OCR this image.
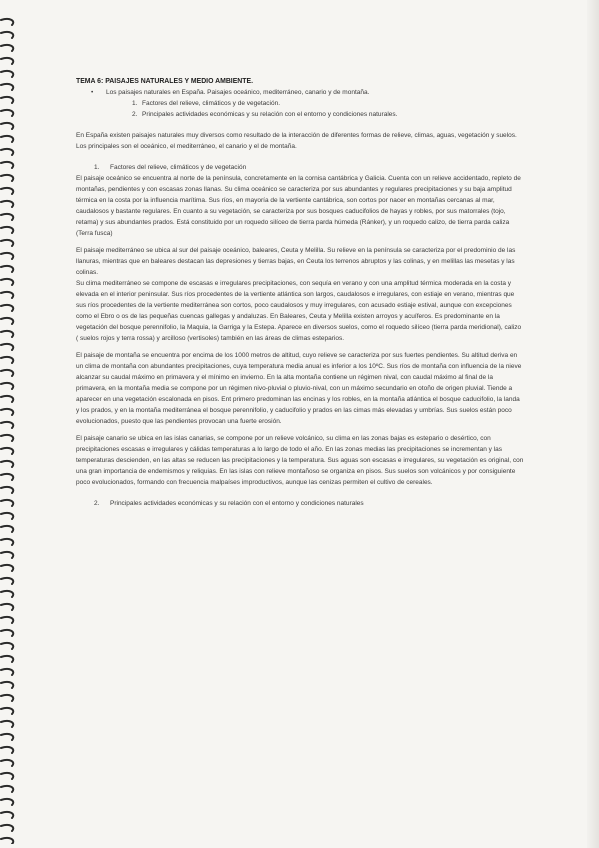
TEMA 6: PAISAJES NATURALES Y MEDIO AMBIENTE.

• Los paisajes naturales en España. Paisajes oceánico, mediterráneo, canario y de montaña.

1. Factores del relieve, climáticos y de vegetación.

2. Principales actividades económicas y su relación con el entorno y condiciones naturales.

En España existen paisajes naturales muy diversos como resultado de la interacción de diferentes formas de relieve, climas, aguas, vegetación y suelos. Los principales son el oceánico, el mediterráneo, el canario y el de montaña.

1. Factores del relieve, climáticos y de vegetación

El paisaje oceánico se encuentra al norte de la península, concretamente en la cornisa cantábrica y Galicia. Cuenta con un relieve accidentado, repleto de montañas, pendientes y con escasas zonas llanas. Su clima oceánico se caracteriza por sus abundantes y regulares precipitaciones y su baja amplitud térmica en la costa por la influencia marítima. Sus ríos, en mayoría de la vertiente cantábrica, son cortos por nacer en montañas cercanas al mar, caudalosos y bastante regulares. En cuanto a su vegetación, se caracteriza por sus bosques caducifolios de hayas y robles, por sus matorrales (tojo, retama) y sus abundantes prados. Está constituido por un roquedo silíceo de tierra parda húmeda (Ránker), y un roquedo calizo, de tierra parda caliza (Terra fusca)

El paisaje mediterráneo se ubica al sur del paisaje oceánico, baleares, Ceuta y Melilla. Su relieve en la península se caracteriza por el predominio de las llanuras, mientras que en baleares destacan las depresiones y tierras bajas, en Ceuta los terrenos abruptos y las colinas, y en melillas las mesetas y las colinas.

Su clima mediterráneo se compone de escasas e irregulares precipitaciones, con sequía en verano y con una amplitud térmica moderada en la costa y elevada en el interior peninsular. Sus ríos procedentes de la vertiente atlántica son largos, caudalosos e irregulares, con estiaje en verano, mientras que sus ríos procedentes de la vertiente mediterránea son cortos, poco caudalosos y muy irregulares, con acusado estiaje estival, aunque con excepciones como el Ebro o os de las pequeñas cuencas gallegas y andaluzas. En Baleares, Ceuta y Melilla existen arroyos y acuíferos. Es predominante en la vegetación del bosque perennifolio, la Maquia, la Garriga y la Estepa. Aparece en diversos suelos, como el roquedo silíceo (tierra parda meridional), calizo ( suelos rojos y terra rossa) y arcilloso (vertisoles) también en las áreas de climas esteparios.

El paisaje de montaña se encuentra por encima de los 1000 metros de altitud, cuyo relieve se caracteriza por sus fuertes pendientes. Su altitud deriva en un clima de montaña con abundantes precipitaciones, cuya temperatura media anual es inferior a los 10ºC. Sus ríos de montaña con influencia de la nieve alcanzar su caudal máximo en primavera y el mínimo en invierno. En la alta montaña contiene un régimen nival, con caudal máximo al final de la primavera, en la montaña media se compone por un régimen nivo-pluvial o pluvio-nival, con un máximo secundario en otoño de origen pluvial. Tiende a aparecer en una vegetación escalonada en pisos. Ent primero predominan las encinas y los robles, en la montaña atlántica el bosque caducifolio, la landa y los prados, y en la montaña mediterránea el bosque perennifolio, y caducifolio y prados en las cimas más elevadas y umbrías. Sus suelos están poco evolucionados, puesto que las pendientes provocan una fuerte erosión.

El paisaje canario se ubica en las islas canarias, se compone por un relieve volcánico, su clima en las zonas bajas es estepario o desértico, con precipitaciones escasas e irregulares y cálidas temperaturas a lo largo de todo el año. En las zonas medias las precipitaciones se incrementan y las temperaturas descienden, en las altas se reducen las precipitaciones y la temperatura. Sus aguas son escasas e irregulares, su vegetación es original, con una gran importancia de endemismos y reliquias. En las islas con relieve montañoso se organiza en pisos. Sus suelos son volcánicos y por consiguiente poco evolucionados, formando con frecuencia malpaíses improductivos, aunque las cenizas permiten el cultivo de cereales.

2. Principales actividades económicas y su relación con el entorno y condiciones naturales
